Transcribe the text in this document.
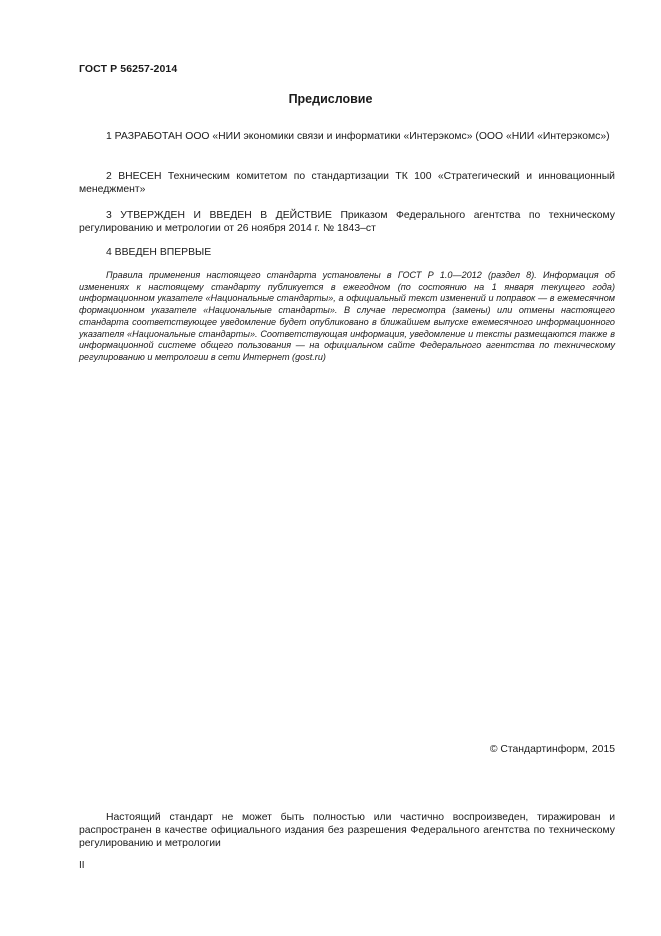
ГОСТ Р 56257-2014
Предисловие

1 РАЗРАБОТАН ООО «НИИ экономики связи и информатики «Интерэкомс» (ООО «НИИ «Интерэкомс»)

2 ВНЕСЕН Техническим комитетом по стандартизации ТК 100 «Стратегический и инновационный менеджмент»

3 УТВЕРЖДЕН И ВВЕДЕН В ДЕЙСТВИЕ Приказом Федерального агентства по техническому регулированию и метрологии от 26 ноября 2014 г. № 1843–ст

4 ВВЕДЕН ВПЕРВЫЕ

Правила применения настоящего стандарта установлены в ГОСТ Р 1.0—2012 (раздел 8). Информация об изменениях к настоящему стандарту публикуется в ежегодном (по состоянию на 1 января текущего года) информационном указателе «Национальные стандарты», а официальный текст изменений и поправок — в ежемесячном формационном указателе «Национальные стандарты». В случае пересмотра (замены) или отмены настоящего стандарта соответствующее уведомление будет опубликовано в ближайшем выпуске ежемесячного информационного указателя «Национальные стандарты». Соответствующая информация, уведомление и тексты размещаются также в информационной системе общего пользования — на официальном сайте Федерального агентства по техническому регулированию и метрологии в сети Интернет (gost.ru)

© Стандартинформ, 2015

Настоящий стандарт не может быть полностью или частично воспроизведен, тиражирован и распространен в качестве официального издания без разрешения Федерального агентства по техническому регулированию и метрологии

II
